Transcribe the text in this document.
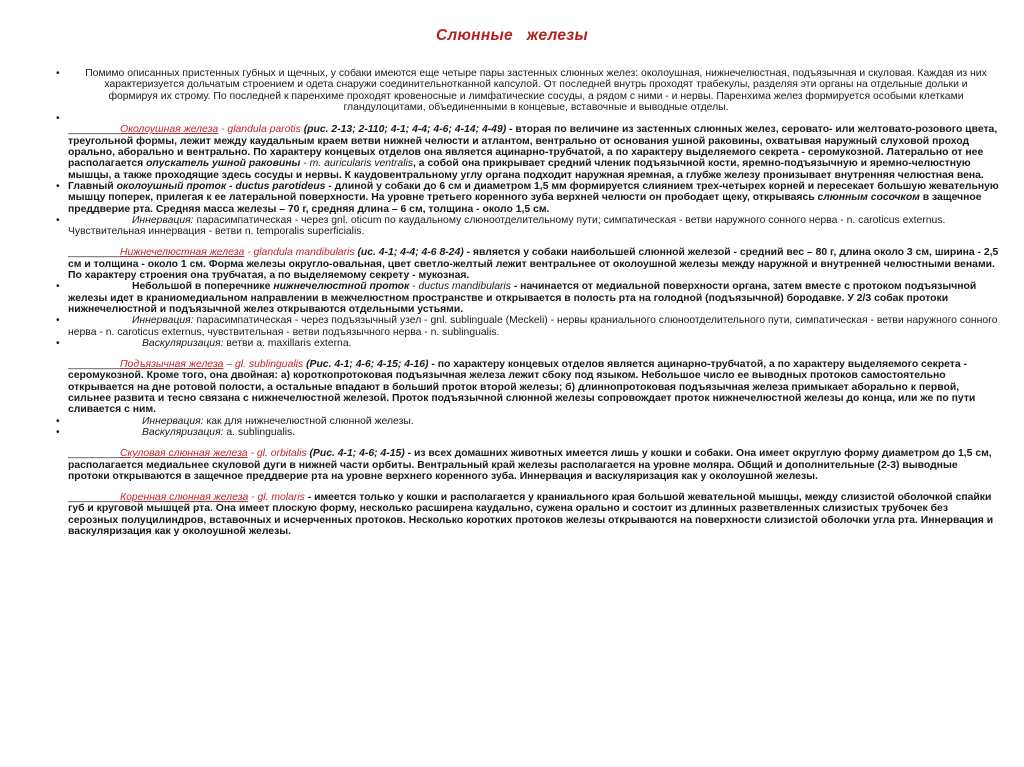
Слюнные   железы
• Помимо описанных пристенных губных и щечных, у собаки имеются еще четыре пары застенных слюнных желез: околоушная, нижнечелюстная, подъязычная и скуловая. Каждая из них характеризуется дольчатым строением и одета снаружи соединительнотканной капсулой. От последней внутрь проходят трабекулы, разделяя эти органы на отдельные дольки и формируя их строму. По последней к паренхиме проходят кровеносные и лимфатические сосуды, а рядом с ними - и нервы. Паренхима желез формируется особыми клетками гландулоцитами, объединенными в концевые, вставочные и выводные отделы.
•

_________Околоушная железа - glandula parotis (рис. 2-13; 2-110; 4-1; 4-4; 4-6; 4-14; 4-49) - вторая по величине из застенных слюнных желез, серовато- или желтовато-розового цвета, треугольной формы, лежит между каудальным краем ветви нижней челюсти и атлантом, вентрально от основания ушной раковины, охватывая наружный слуховой проход орально, аборально и вентрально. По характеру концевых отделов она является ацинарно-трубчатой, а по характеру выделяемого секрета - серомукозной. Латерально от нее располагается опускатель ушной раковины - m. auricularis ventralis, а собой она прикрывает средний членик подъязычной кости, яремно-подъязычную и яремно-челюстную мышцы, а также проходящие здесь сосуды и нервы. К каудовентральному углу органа подходит наружная яремная, а глубже железу пронизывает внутренняя челюстная вена.
• Главный околоушный проток - ductus parotideus - длиной у собаки до 6 см и диаметром 1,5 мм формируется слиянием трех-четырех корней и пересекает большую жевательную мышцу поперек, прилегая к ее латеральной поверхности. На уровне третьего коренного зуба верхней челюсти он прободает щеку, открываясь слюнным сосочком в защечное преддверие рта. Средняя масса железы – 70 г, средняя длина – 6 см, толщина - около 1,5 см.
•	Иннервация: парасимпатическая - через gnl. oticum по каудальному слюноотделительному пути; симпатическая - ветви наружного сонного нерва - n. caroticus externus. Чувствительная иннервация - ветви n. temporalis superficialis.
_________Нижнечелюстная железа - glandula mandibularis (ис. 4-1; 4-4; 4-6 8-24) - является у собаки наибольшей слюнной железой - средний вес – 80 г, длина около 3 см, ширина - 2,5 см и толщина - около 1 см. Форма железы округло-овальная, цвет светло-желтый лежит вентральнее от околоушной железы между наружной и внутренней челюстными венами. По характеру строения она трубчатая, а по выделяемому секрету - мукозная.
•	Небольшой в поперечнике нижнечелюстной проток - ductus mandibularis - начинается от медиальной поверхности органа, затем вместе с протоком подъязычной железы идет в краниомедиальном направлении в межчелюстном пространстве и открывается в полость рта на голодной (подъязычной) бородавке. У 2/3 собак протоки нижнечелюстной и подъязычной желез открываются отдельными устьями.
•	Иннервация: парасимпатическая - через подъязычный узел - gnl. sublinguale (Meckeli) - нервы краниального слюноотделительного пути, симпатическая - ветви наружного сонного нерва - n. caroticus externus, чувствительная - ветви подъязычного нерва - n. sublingualis.
•	Васкуляризация: ветви a. maxillaris externa.
_________Подъязычная железа – gl. sublingualis (Рис. 4-1; 4-6; 4-15; 4-16) - по характеру концевых отделов является ацинарно-трубчатой, а по характеру выделяемого секрета - серомукозной. Кроме того, она двойная: а) короткопротоковая подъязычная железа лежит сбоку под языком. Небольшое число ее выводных протоков самостоятельно открывается на дне ротовой полости, а остальные впадают в больший проток второй железы; б) длиннопротоковая подъязычная железа примыкает аборально к первой, сильнее развита и тесно связана с нижнечелюстной железой. Проток подъязычной слюнной железы сопровождает проток нижнечелюстной железы до конца, или же по пути сливается с ним.
•	Иннервация: как для нижнечелюстной слюнной железы.
•	Васкуляризация: a. sublingualis.
_________Скуловая слюнная железа - gl. orbitalis (Рис. 4-1; 4-6; 4-15) - из всех домашних животных имеется лишь у кошки и собаки. Она имеет округлую форму диаметром до 1,5 см, располагается медиальнее скуловой дуги в нижней части орбиты. Вентральный край железы располагается на уровне моляра. Общий и дополнительные (2-3) выводные протоки открываются в защечное преддверие рта на уровне верхнего коренного зуба. Иннервация и васкуляризация как у околоушной железы.
_________Коренная слюнная железа - gl. molaris - имеется только у кошки и располагается у краниального края большой жевательной мышцы, между слизистой оболочкой спайки губ и круговой мышцей рта. Она имеет плоскую форму, несколько расширена каудально, сужена орально и состоит из длинных разветвленных слизистых трубочек без серозных полуцилиндров, вставочных и исчерченных протоков. Несколько коротких протоков железы открываются на поверхности слизистой оболочки угла рта. Иннервация и васкуляризация как у околоушной железы.
